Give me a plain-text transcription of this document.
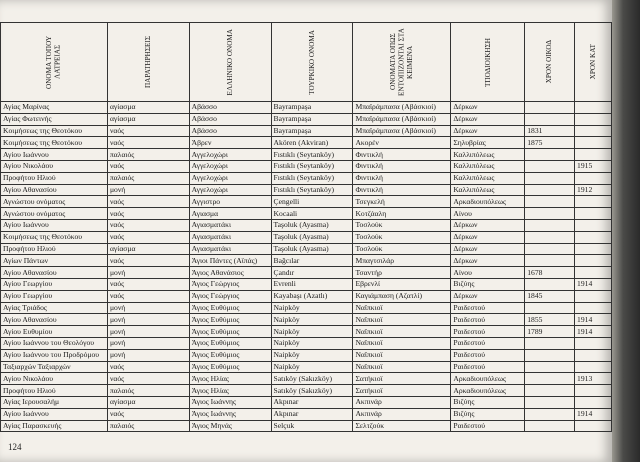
ΟΝΟΜΑ ΤΟΠΟΥ ΛΑΤΡΕΙΑΣ	ΠΑΡΑΤΗΡΗΣΕΙΣ	ΕΛΛΗΝΙΚΟ ΟΝΟΜΑ	ΤΟΥΡΚΙΚΟ ΟΝΟΜΑ	ΟΝΟΜΑΤΑ ΟΠΩΣ ΕΝΤΟΠΙΖΟΝΤΑΙ ΣΤΑ ΚΕΙΜΕΝΑ	ΤΠΟΔΙΟΙΚΗΣΗ	ΧΡΟΝ ΟΙΚΟΔ	ΧΡΟΝ ΚΑΤ

Αγίας Μαρίνας	αγίασμα	Αβάσσο	Bayrampaşa	Μπαϊράμπασα (Αβάσκιοί)	Δέρκων		
Αγίας Φωτεινής	αγίασμα	Αβάσσο	Bayrampaşa	Μπαϊράμπασα (Αβάσκιοί)	Δέρκων		
Κοιμήσεως της Θεοτόκου	ναός	Αβάσσο	Bayrampaşa	Μπαϊράμπασα (Αβάσκιοί)	Δέρκων	1831	
Κοιμήσεως της Θεοτόκου	ναός	Άβρεν	Akören (Akviran)	Ακορέν	Σηλυβρίας	1875	
Αγίου Ιωάννου	παλαιός	Αγγελοχώρι	Fıstıklı (Seytanköy)	Φιντικλή	Καλλιπόλεως		
Αγίου Νικολάου	ναός	Αγγελοχώρι	Fıstıklı (Seytanköy)	Φιντικλή	Καλλιπόλεως		1915
Προφήτου Ηλιού	παλαιός	Αγγελοχώρι	Fıstıklı (Seytanköy)	Φιντικλή	Καλλιπόλεως		
Αγίου Αθανασίου	μονή	Αγγελοχώρι	Fıstıklı (Seytanköy)	Φιντικλή	Καλλιπόλεως		1912
Αγνώστου ονόματος	ναός	Αγγιστρο	Çengelli	Τσεγκελή	Αρκαδιουπόλεως		
Αγνώστου ονόματος	ναός	Αγιασμα	Kocaali	Κοτζάαλη	Αίνου		
Αγίου Ιωάννου	ναός	Αγιασματάκι	Taşoluk (Ayasma)	Τοσλούκ	Δέρκων		
Κοιμήσεως της Θεοτόκου	ναός	Αγιασματάκι	Taşoluk (Ayasma)	Τοσλούκ	Δέρκων		
Προφήτου Ηλιού	αγίασμα	Αγιασματάκι	Taşoluk (Ayasma)	Τοσλούκ	Δέρκων		
Αγίων Πάντων	ναός	Άγιοι Πάντες (Αϊπάς)	Bağcılar	Μπαγτσιλάρ	Δέρκων		
Αγίου Αθανασίου	μονή	Άγιος Αθανάσιος	Çandır	Τσαντήρ	Αίνου	1678	
Αγίου Γεωργίου	ναός	Άγιος Γεώργιος	Evrenli	Εβρενλί	Βιζύης		1914
Αγίου Γεωργίου	ναός	Άγιος Γεώργιος	Kayabaşı (Azatlı)	Καγιάμπαση (Αζατλί)	Δέρκων	1845	
Αγίας Τριάδος	μονή	Άγιος Ευθύμιος	Naipköy	Ναΐπκιοϊ	Ραιδεστού		
Αγίου Αθανασίου	μονή	Άγιος Ευθύμιος	Naipköy	Ναΐπκιοϊ	Ραιδεστού	1855	1914
Αγίου Ευθυμίου	μονή	Άγιος Ευθύμιος	Naipköy	Ναΐπκιοϊ	Ραιδεστού	1789	1914
Αγίου Ιωάννου του Θεολόγου	μονή	Άγιος Ευθύμιος	Naipköy	Ναΐπκιοϊ	Ραιδεστού		
Αγίου Ιωάννου του Προδρόμου	μονή	Άγιος Ευθύμιος	Naipköy	Ναΐπκιοϊ	Ραιδεστού		
Ταξιαρχών Ταξιαρχών	ναός	Άγιος Ευθύμιος	Naipköy	Ναΐπκιοϊ	Ραιδεστού		
Αγίου Νικολάου	ναός	Άγιος Ηλίας	Satıköy (Sakızköy)	Σατήκιοϊ	Αρκαδιουπόλεως		1913
Προφήτου Ηλιού	παλαιός	Άγιος Ηλίας	Satıköy (Sakızköy)	Σατήκιοϊ	Αρκαδιουπόλεως		
Αγίας Ιερουσαλήμ	αγίασμα	Άγιος Ιωάννης	Akpınar	Ακπινάρ	Βιζύης		
Αγίου Ιωάννου	ναός	Άγιος Ιωάννης	Akpınar	Ακπινάρ	Βιζύης		1914
Αγίας Παρασκευής	παλαιός	Άγιος Μηνάς	Selçuk	Σελτζούκ	Ραιδεστού		
124
